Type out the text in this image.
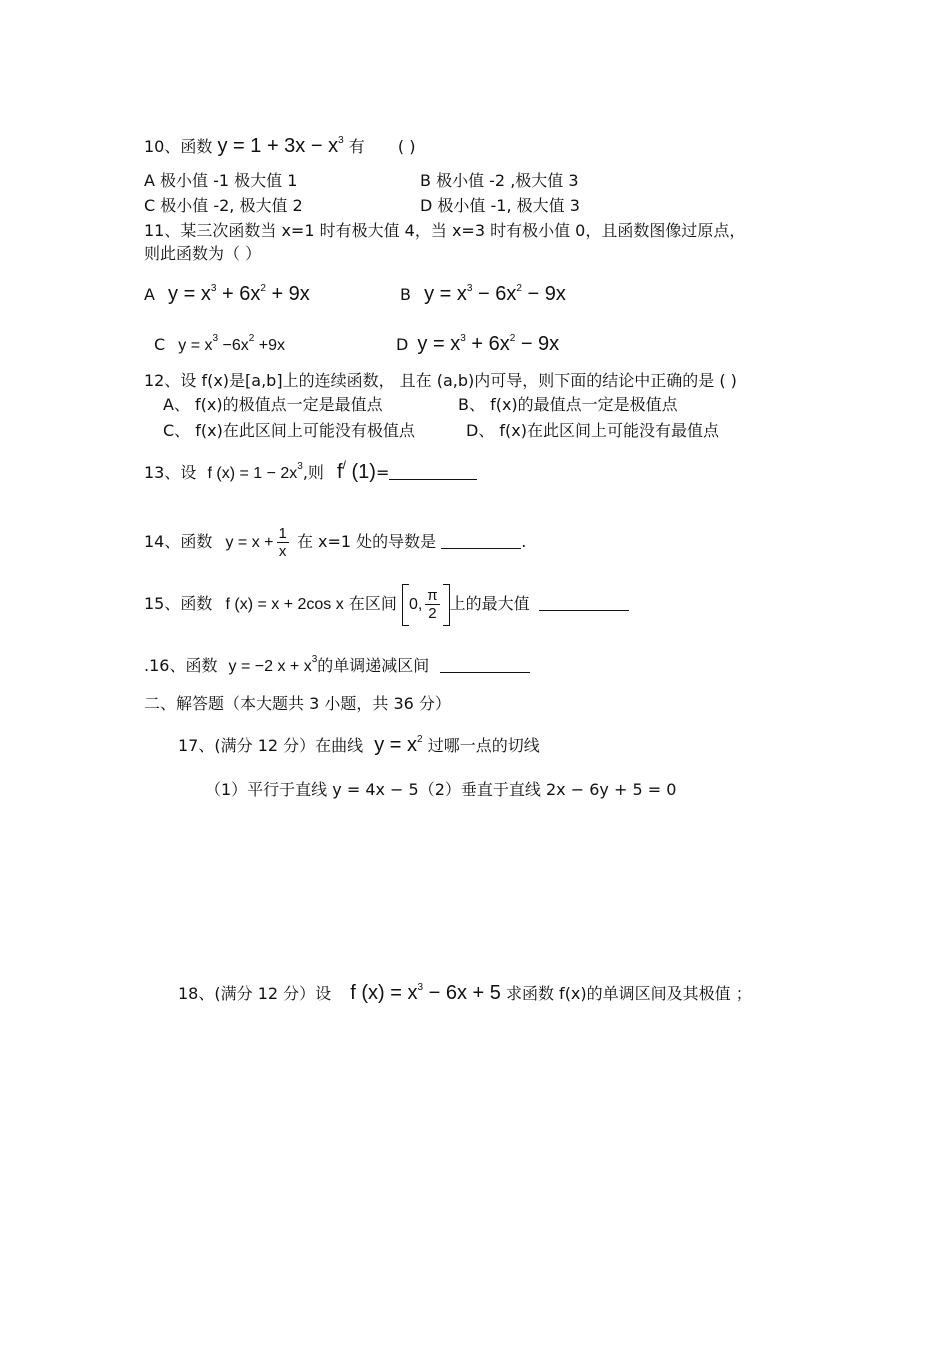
10、函数 $y = 1 + 3x - x^3$ 有 ( )
A 极小值 -1 极大值 1	B 极小值 -2 ,极大值 3
C 极小值 -2, 极大值 2	D 极小值 -1, 极大值 3
11、某三次函数当 x=1 时有极大值 4，当 x=3 时有极小值 0，且函数图像过原点，
则此函数为（ ）
A $y = x^3 + 6x^2 + 9x$	B $y = x^3 - 6x^2 - 9x$
C $y = x^3 -6x^2 +9x$	D $y = x^3 + 6x^2 - 9x$
12、设 f(x)是[a,b]上的连续函数， 且在 (a,b)内可导，则下面的结论中正确的是 ( )
A、 f(x)的极值点一定是最值点	B、 f(x)的最值点一定是极值点
C、 f(x)在此区间上可能没有极值点	D、 f(x)在此区间上可能没有最值点
13、设 f $(x) = 1 - 2x^3$,则 f/ (1)=
14、函数 $y = x + \frac{1}{x}$ 在 x=1 处的导数是	.
15、函数 f (x) = x + 2cos x 在区间 0, $\frac{\pi}{2}$ 上的最大值
.16、函数 y = −2 $x + x^3$的单调递减区间
二、解答题（本大题共 3 小题，共 36 分）
17、(满分 12 分）在曲线 $y = x^2$ 过哪一点的切线
（1）平行于直线 y = 4x − 5（2）垂直于直线 2x − 6y + 5 = 0
18、(满分 12 分）设 f $(x) = x^3 - 6x + 5$ 求函数 f(x)的单调区间及其极值 ；
